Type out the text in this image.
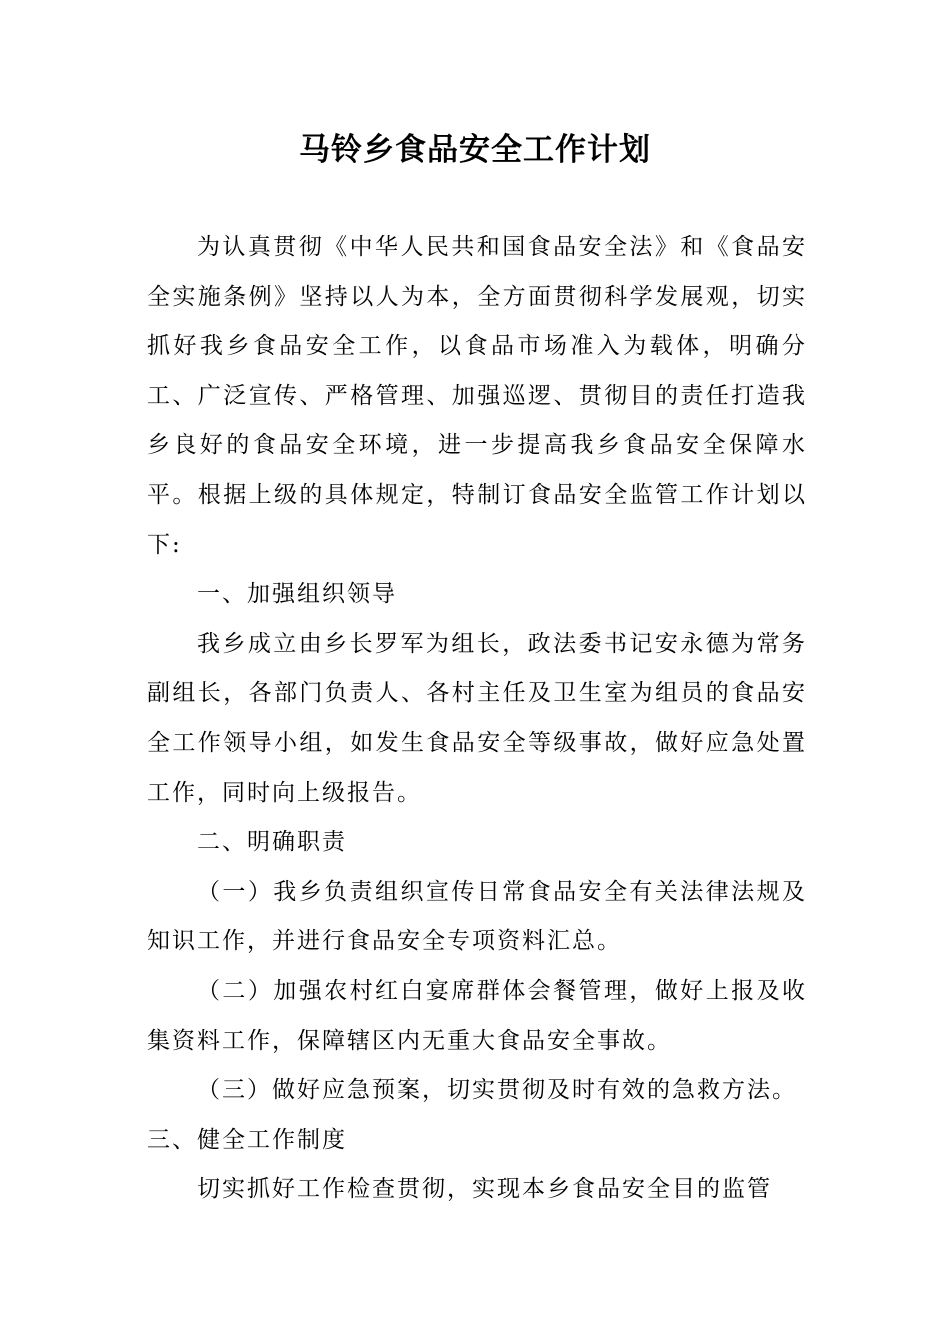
马铃乡食品安全工作计划

为认真贯彻《中华人民共和国食品安全法》和《食品安全实施条例》坚持以人为本，全方面贯彻科学发展观，切实抓好我乡食品安全工作，以食品市场准入为载体，明确分工、广泛宣传、严格管理、加强巡逻、贯彻目的责任打造我乡良好的食品安全环境，进一步提高我乡食品安全保障水平。根据上级的具体规定，特制订食品安全监管工作计划以下:

一、加强组织领导

我乡成立由乡长罗军为组长，政法委书记安永德为常务副组长，各部门负责人、各村主任及卫生室为组员的食品安全工作领导小组，如发生食品安全等级事故，做好应急处置工作，同时向上级报告。

二、明确职责

（一）我乡负责组织宣传日常食品安全有关法律法规及知识工作，并进行食品安全专项资料汇总。

（二）加强农村红白宴席群体会餐管理，做好上报及收集资料工作，保障辖区内无重大食品安全事故。

（三）做好应急预案，切实贯彻及时有效的急救方法。

三、健全工作制度

切实抓好工作检查贯彻，实现本乡食品安全目的监管
